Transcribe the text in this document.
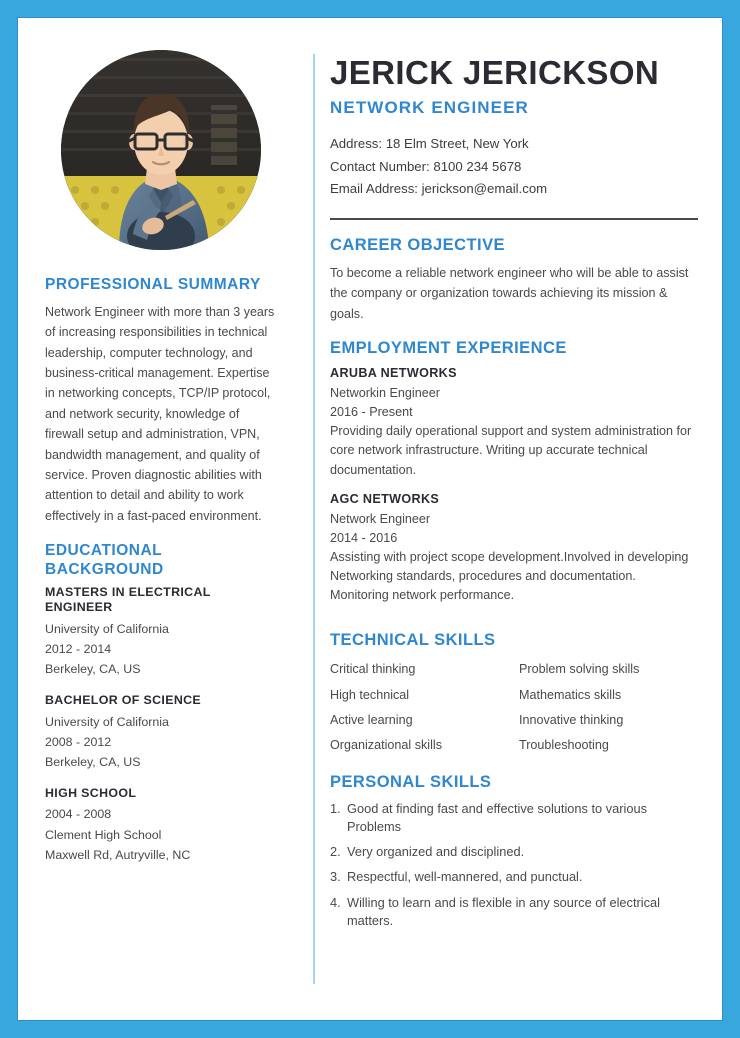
PROFESSIONAL SUMMARY

Network Engineer with more than 3 years of increasing responsibilities in technical leadership, computer technology, and business-critical management. Expertise in networking concepts, TCP/IP protocol, and network security, knowledge of firewall setup and administration, VPN, bandwidth management, and quality of service. Proven diagnostic abilities with attention to detail and ability to work effectively in a fast-paced environment.

EDUCATIONAL BACKGROUND
MASTERS IN ELECTRICAL ENGINEER

University of California

2012 - 2014

Berkeley, CA, US

BACHELOR OF SCIENCE

University of California

2008 - 2012

Berkeley, CA, US

HIGH SCHOOL

2004 - 2008

Clement High School

Maxwell Rd, Autryville, NC

JERICK JERICKSON
NETWORK ENGINEER

Address: 18 Elm Street, New York

Contact Number: 8100 234 5678

Email Address: jerickson@email.com

CAREER OBJECTIVE

To become a reliable network engineer who will be able to assist the company or organization towards achieving its mission & goals.

EMPLOYMENT EXPERIENCE
ARUBA NETWORKS

Networkin Engineer

2016 - Present

Providing daily operational support and system administration for core network infrastructure. Writing up accurate technical documentation.

AGC NETWORKS

Network Engineer

2014 - 2016

Assisting with project scope development.Involved in developing Networking standards, procedures and documentation. Monitoring network performance.

TECHNICAL SKILLS
Critical thinking	Problem solving skills
High technical	Mathematics skills
Active learning	Innovative thinking
Organizational skills	Troubleshooting
PERSONAL SKILLS
Good at finding fast and effective solutions to various Problems
Very organized and disciplined.
Respectful, well-mannered, and punctual.
Willing to learn and is flexible in any source of electrical matters.
